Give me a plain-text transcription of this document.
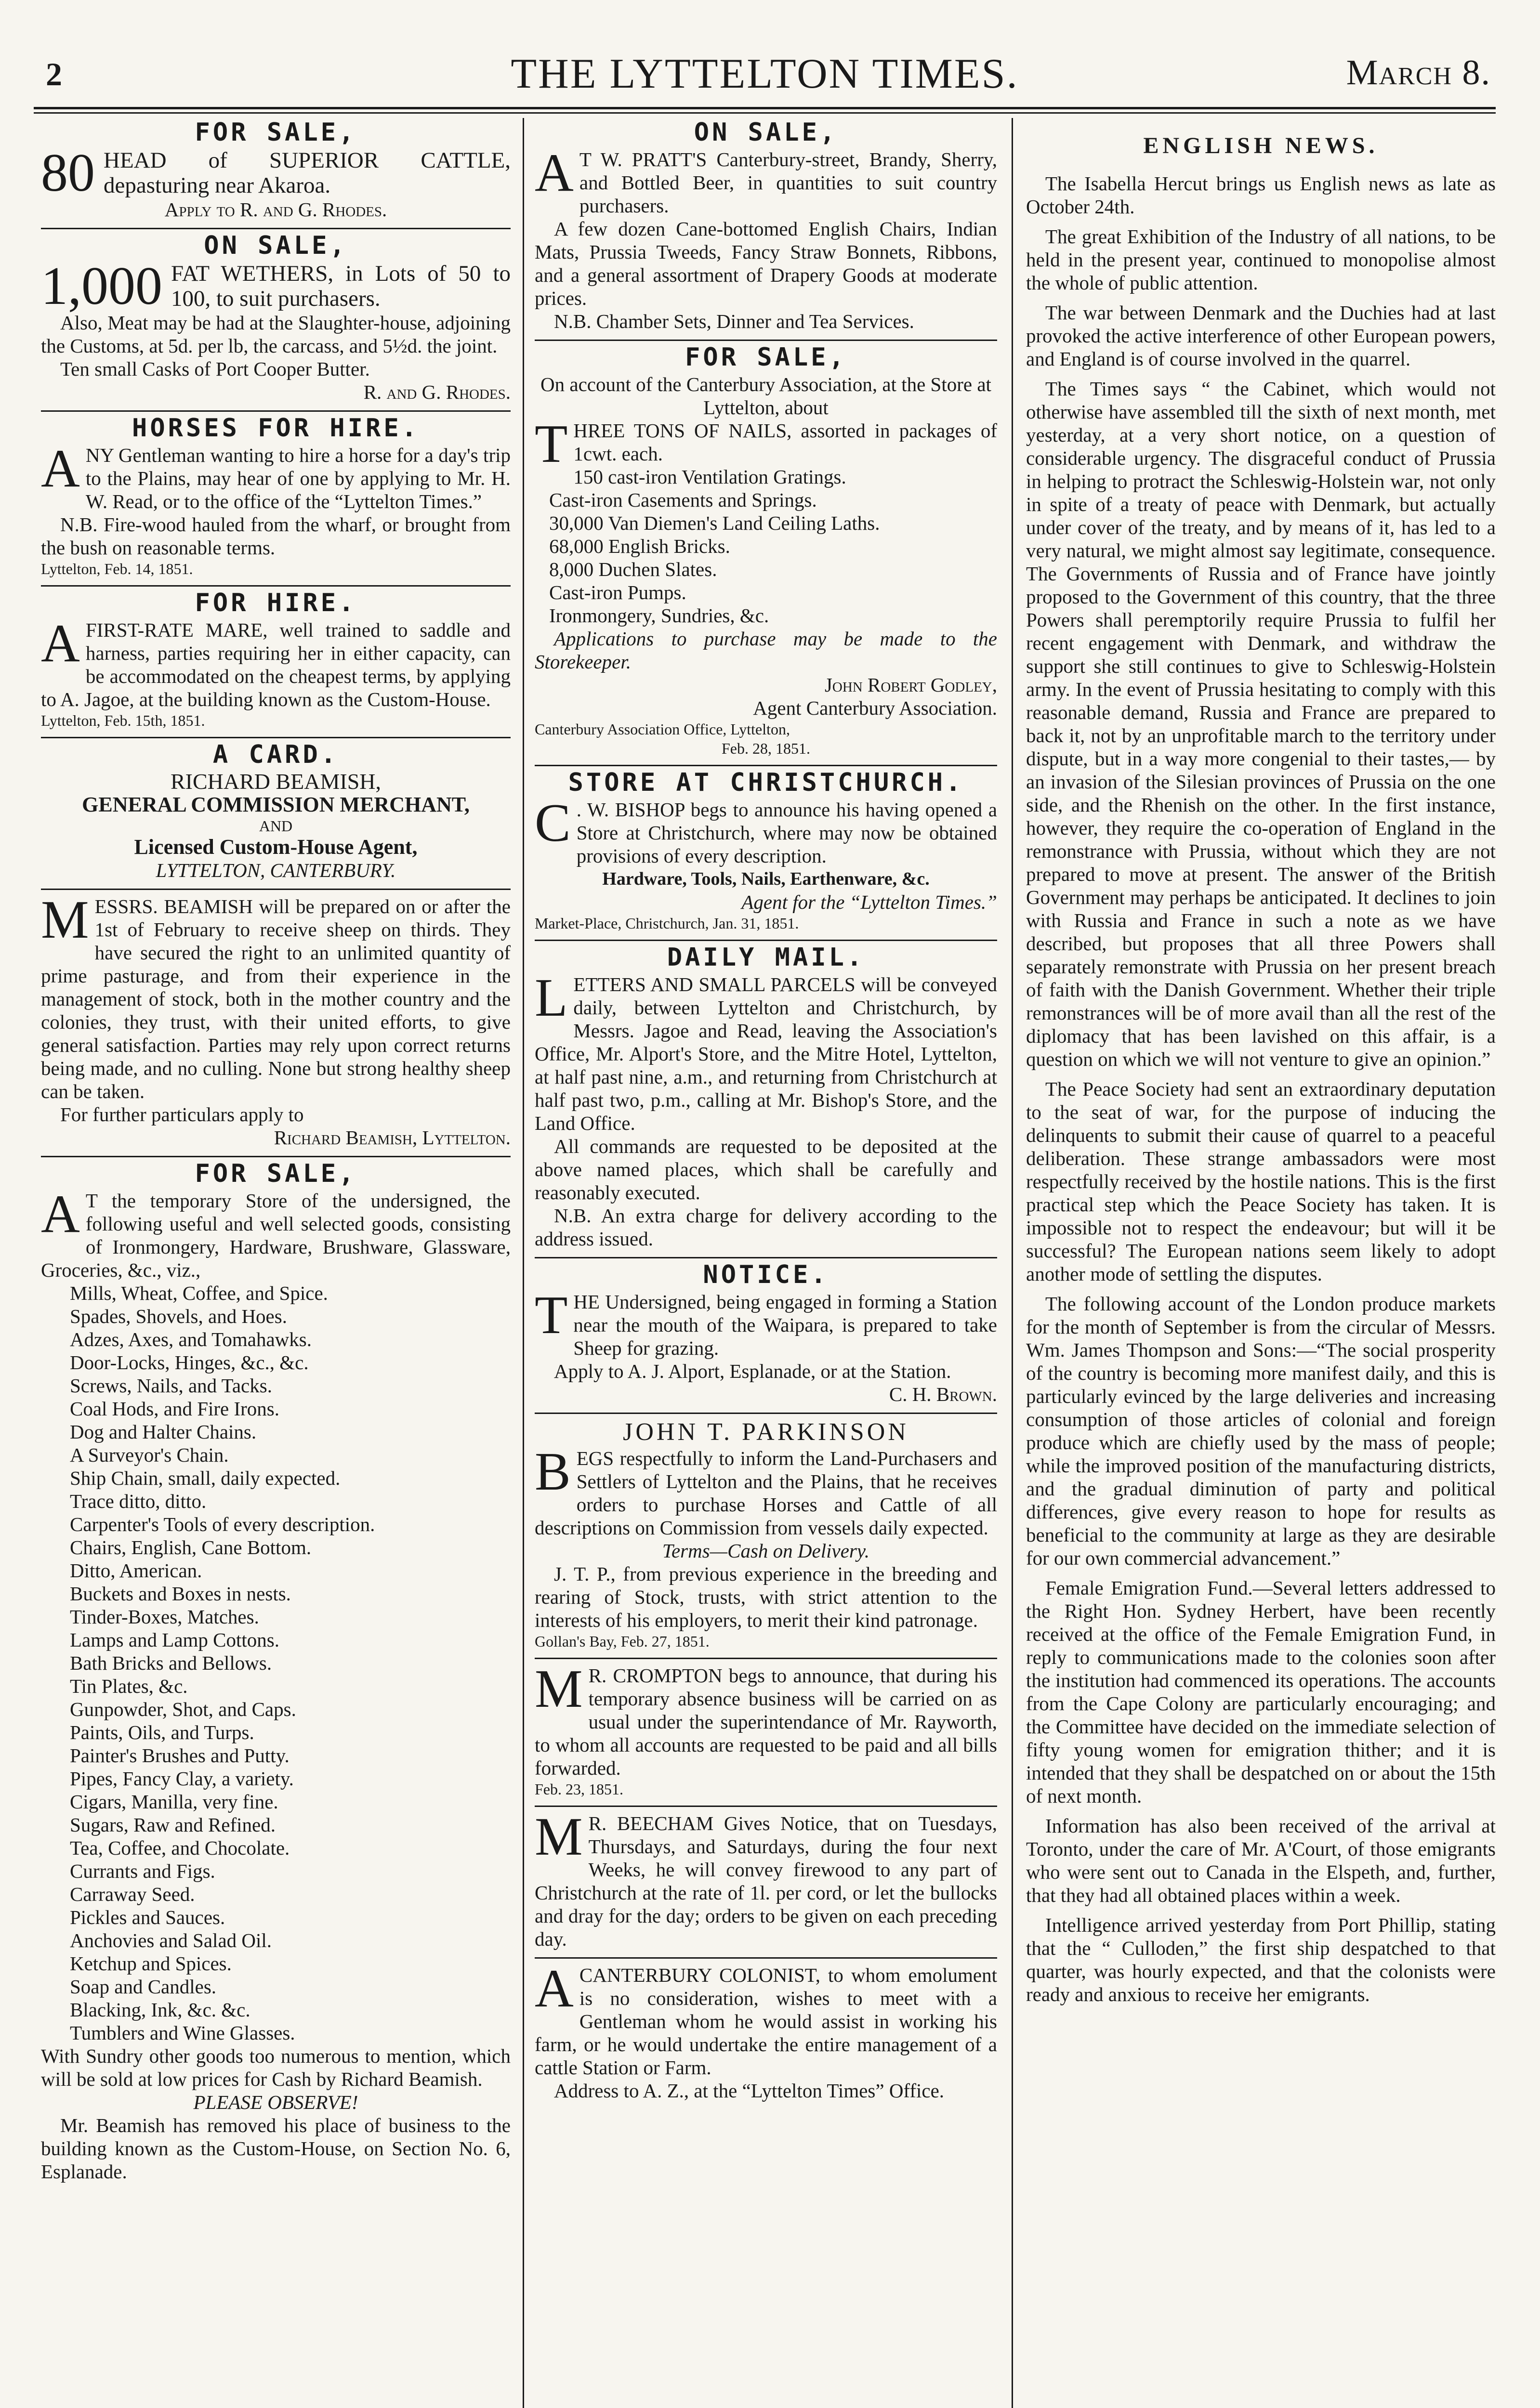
2	THE LYTTELTON TIMES.	March 8.
FOR SALE,
80 HEAD of SUPERIOR CATTLE, depasturing near Akaroa.

Apply to R. and G. Rhodes.

ON SALE,
1,000 FAT WETHERS, in Lots of 50 to 100, to suit purchasers.

Also, Meat may be had at the Slaughter-house, adjoining the Customs, at 5d. per lb, the carcass, and 5½d. the joint.

Ten small Casks of Port Cooper Butter.

R. and G. Rhodes.

HORSES FOR HIRE.
A NY Gentleman wanting to hire a horse for a day's trip to the Plains, may hear of one by applying to Mr. H. W. Read, or to the office of the “Lyttelton Times.”

N.B. Fire-wood hauled from the wharf, or brought from the bush on reasonable terms.

Lyttelton, Feb. 14, 1851.

FOR HIRE.
A FIRST-RATE MARE, well trained to saddle and harness, parties requiring her in either capacity, can be accommodated on the cheapest terms, by applying to A. Jagoe, at the building known as the Custom-House.

Lyttelton, Feb. 15th, 1851.

A CARD.

RICHARD BEAMISH,

GENERAL COMMISSION MERCHANT,

AND

Licensed Custom-House Agent,

LYTTELTON, CANTERBURY.

M ESSRS. BEAMISH will be prepared on or after the 1st of February to receive sheep on thirds. They have secured the right to an unlimited quantity of prime pasturage, and from their experience in the management of stock, both in the mother country and the colonies, they trust, with their united efforts, to give general satisfaction. Parties may rely upon correct returns being made, and no culling. None but strong healthy sheep can be taken.

For further particulars apply to

Richard Beamish, Lyttelton.

FOR SALE,
A T the temporary Store of the undersigned, the following useful and well selected goods, consisting of Ironmongery, Hardware, Brushware, Glassware, Groceries, &c., viz.,

Mills, Wheat, Coffee, and Spice.

Spades, Shovels, and Hoes.

Adzes, Axes, and Tomahawks.

Door-Locks, Hinges, &c., &c.

Screws, Nails, and Tacks.

Coal Hods, and Fire Irons.

Dog and Halter Chains.

A Surveyor's Chain.

Ship Chain, small, daily expected.

Trace ditto, ditto.

Carpenter's Tools of every description.

Chairs, English, Cane Bottom.

Ditto, American.

Buckets and Boxes in nests.

Tinder-Boxes, Matches.

Lamps and Lamp Cottons.

Bath Bricks and Bellows.

Tin Plates, &c.

Gunpowder, Shot, and Caps.

Paints, Oils, and Turps.

Painter's Brushes and Putty.

Pipes, Fancy Clay, a variety.

Cigars, Manilla, very fine.

Sugars, Raw and Refined.

Tea, Coffee, and Chocolate.

Currants and Figs.

Carraway Seed.

Pickles and Sauces.

Anchovies and Salad Oil.

Ketchup and Spices.

Soap and Candles.

Blacking, Ink, &c. &c.

Tumblers and Wine Glasses.

With Sundry other goods too numerous to mention, which will be sold at low prices for Cash by Richard Beamish.

PLEASE OBSERVE!

Mr. Beamish has removed his place of business to the building known as the Custom-House, on Section No. 6, Esplanade.

ON SALE,
A T W. PRATT'S Canterbury-street, Brandy, Sherry, and Bottled Beer, in quantities to suit country purchasers.

A few dozen Cane-bottomed English Chairs, Indian Mats, Prussia Tweeds, Fancy Straw Bonnets, Ribbons, and a general assortment of Drapery Goods at moderate prices.

N.B. Chamber Sets, Dinner and Tea Services.

FOR SALE,

On account of the Canterbury Association, at the Store at Lyttelton, about

T HREE TONS OF NAILS, assorted in packages of 1cwt. each.

150 cast-iron Ventilation Gratings.

Cast-iron Casements and Springs.

30,000 Van Diemen's Land Ceiling Laths.

68,000 English Bricks.

8,000 Duchen Slates.

Cast-iron Pumps.

Ironmongery, Sundries, &c.

Applications to purchase may be made to the Storekeeper.

John Robert Godley,

Agent Canterbury Association.

Canterbury Association Office, Lyttelton,

Feb. 28, 1851.

STORE AT CHRISTCHURCH.
C . W. BISHOP begs to announce his having opened a Store at Christchurch, where may now be obtained provisions of every description.

Hardware, Tools, Nails, Earthenware, &c.

Agent for the “Lyttelton Times.”

Market-Place, Christchurch, Jan. 31, 1851.

DAILY MAIL.
L ETTERS AND SMALL PARCELS will be conveyed daily, between Lyttelton and Christchurch, by Messrs. Jagoe and Read, leaving the Association's Office, Mr. Alport's Store, and the Mitre Hotel, Lyttelton, at half past nine, a.m., and returning from Christchurch at half past two, p.m., calling at Mr. Bishop's Store, and the Land Office.

All commands are requested to be deposited at the above named places, which shall be carefully and reasonably executed.

N.B. An extra charge for delivery according to the address issued.

NOTICE.
T HE Undersigned, being engaged in forming a Station near the mouth of the Waipara, is prepared to take Sheep for grazing.

Apply to A. J. Alport, Esplanade, or at the Station.

C. H. Brown.

JOHN T. PARKINSON
B EGS respectfully to inform the Land-Purchasers and Settlers of Lyttelton and the Plains, that he receives orders to purchase Horses and Cattle of all descriptions on Commission from vessels daily expected.

Terms—Cash on Delivery.

J. T. P., from previous experience in the breeding and rearing of Stock, trusts, with strict attention to the interests of his employers, to merit their kind patronage.

Gollan's Bay, Feb. 27, 1851.

M R. CROMPTON begs to announce, that during his temporary absence business will be carried on as usual under the superintendance of Mr. Rayworth, to whom all accounts are requested to be paid and all bills forwarded.

Feb. 23, 1851.

M R. BEECHAM Gives Notice, that on Tuesdays, Thursdays, and Saturdays, during the four next Weeks, he will convey firewood to any part of Christchurch at the rate of 1l. per cord, or let the bullocks and dray for the day; orders to be given on each preceding day.

A CANTERBURY COLONIST, to whom emolument is no consideration, wishes to meet with a Gentleman whom he would assist in working his farm, or he would undertake the entire management of a cattle Station or Farm.

Address to A. Z., at the “Lyttelton Times” Office.

ENGLISH NEWS.

The Isabella Hercut brings us English news as late as October 24th.

The great Exhibition of the Industry of all nations, to be held in the present year, continued to monopolise almost the whole of public attention.

The war between Denmark and the Duchies had at last provoked the active interference of other European powers, and England is of course involved in the quarrel.

The Times says “ the Cabinet, which would not otherwise have assembled till the sixth of next month, met yesterday, at a very short notice, on a question of considerable urgency. The disgraceful conduct of Prussia in helping to protract the Schleswig-Holstein war, not only in spite of a treaty of peace with Denmark, but actually under cover of the treaty, and by means of it, has led to a very natural, we might almost say legitimate, consequence. The Governments of Russia and of France have jointly proposed to the Government of this country, that the three Powers shall peremptorily require Prussia to fulfil her recent engagement with Denmark, and withdraw the support she still continues to give to Schleswig-Holstein army. In the event of Prussia hesitating to comply with this reasonable demand, Russia and France are prepared to back it, not by an unprofitable march to the territory under dispute, but in a way more congenial to their tastes,— by an invasion of the Silesian provinces of Prussia on the one side, and the Rhenish on the other. In the first instance, however, they require the co-operation of England in the remonstrance with Prussia, without which they are not prepared to move at present. The answer of the British Government may perhaps be anticipated. It declines to join with Russia and France in such a note as we have described, but proposes that all three Powers shall separately remonstrate with Prussia on her present breach of faith with the Danish Government. Whether their triple remonstrances will be of more avail than all the rest of the diplomacy that has been lavished on this affair, is a question on which we will not venture to give an opinion.”

The Peace Society had sent an extraordinary deputation to the seat of war, for the purpose of inducing the delinquents to submit their cause of quarrel to a peaceful deliberation. These strange ambassadors were most respectfully received by the hostile nations. This is the first practical step which the Peace Society has taken. It is impossible not to respect the endeavour; but will it be successful? The European nations seem likely to adopt another mode of settling the disputes.

The following account of the London produce markets for the month of September is from the circular of Messrs. Wm. James Thompson and Sons:—“The social prosperity of the country is becoming more manifest daily, and this is particularly evinced by the large deliveries and increasing consumption of those articles of colonial and foreign produce which are chiefly used by the mass of people; while the improved position of the manufacturing districts, and the gradual diminution of party and political differences, give every reason to hope for results as beneficial to the community at large as they are desirable for our own commercial advancement.”

Female Emigration Fund.—Several letters addressed to the Right Hon. Sydney Herbert, have been recently received at the office of the Female Emigration Fund, in reply to communications made to the colonies soon after the institution had commenced its operations. The accounts from the Cape Colony are particularly encouraging; and the Committee have decided on the immediate selection of fifty young women for emigration thither; and it is intended that they shall be despatched on or about the 15th of next month.

Information has also been received of the arrival at Toronto, under the care of Mr. A'Court, of those emigrants who were sent out to Canada in the Elspeth, and, further, that they had all obtained places within a week.

Intelligence arrived yesterday from Port Phillip, stating that the “ Culloden,” the first ship despatched to that quarter, was hourly expected, and that the colonists were ready and anxious to receive her emigrants.
